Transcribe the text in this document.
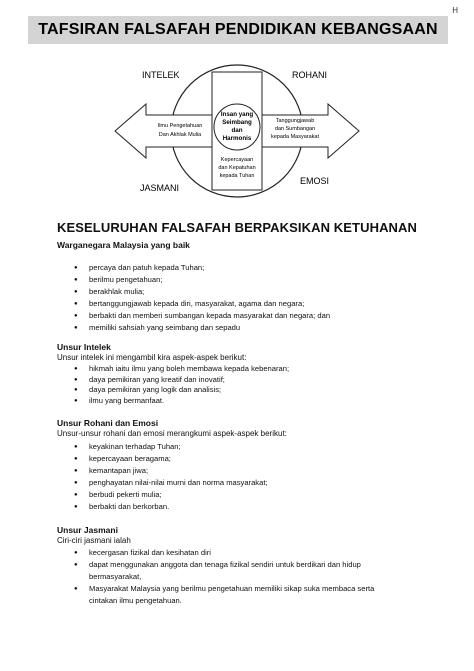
H
TAFSIRAN FALSAFAH PENDIDIKAN KEBANGSAAN
INTELEK	ROHANI
JASMANI
EMOSI
Insan yang
Seimbang
dan
Harmonis
Ilmu Pengetahuan
Dan Akhlak Mulia
Tanggungjawab
dan Sumbangan
kepada Masyarakat
Kepercayaan
dan Kepatuhan
kepada Tuhan
KESELURUHAN FALSAFAH BERPAKSIKAN KETUHANAN
Warganegara Malaysia yang baik
● percaya dan patuh kepada Tuhan;
● berilmu pengetahuan;
● berakhlak mulia;
● bertanggungjawab kepada diri, masyarakat, agama dan negara;
● berbakti dan memberi sumbangan kepada masyarakat dan negara; dan
● memiliki sahsiah yang seimbang dan sepadu
Unsur Intelek
Unsur intelek ini mengambil kira aspek-aspek berikut:
● hikmah iaitu ilmu yang boleh membawa kepada kebenaran;
● daya pemikiran yang kreatif dan inovatif;
● daya pemikiran yang logik dan analisis;
● ilmu yang bermanfaat.
Unsur Rohani dan Emosi
Unsur-unsur rohani dan emosi merangkumi aspek-aspek berikut:
● keyakinan terhadap Tuhan;
● kepercayaan beragama;
● kemantapan jiwa;
● penghayatan nilai-nilai murni dan norma masyarakat;
● berbudi pekerti mulia;
● berbakti dan berkorban.
Unsur Jasmani
Ciri-ciri jasmani ialah
● kecergasan fizikal dan kesihatan diri
● dapat menggunakan anggota dan tenaga fizikal sendiri untuk berdikari dan hidup
bermasyarakat,
● Masyarakat Malaysia yang berilmu pengetahuan memiliki sikap suka membaca serta
cintakan ilmu pengetahuan.
